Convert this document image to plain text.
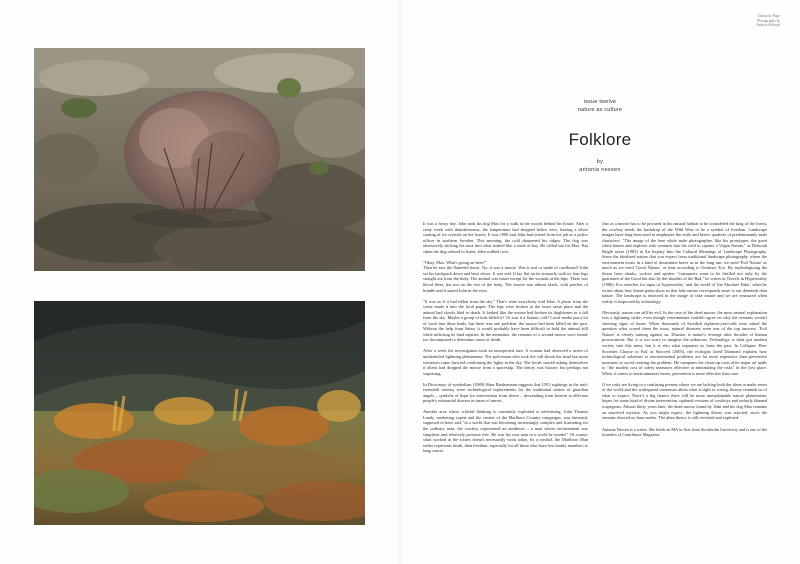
Glasscote Page
Photography by
Andrew Ackroyd
issue twelve
nature as culture
Folklore
by
antonia nessen

It was a frosty day. John took his dog Max for a walk in the woods behind his house. After a rainy week with thunderstorms, the temperature had dropped below zero, leaving a silver coating of ice crystals on the leaves. It was 1988 and John had retired from his job as a police officer in northern Sweden. This morning, the cold sharpened his ridges. The dog was obsessively sticking his nose into what looked like a stack of hay. He called out for Max. But when the dog refused to listen, John walked over.

"Okay, Max. What's going on here?"

Then he saw the flattened horse. No, it was a moose. Was it real or made of cardboard? John set his backpack down and bent closer. It was real. It lay flat on its stomach, with its four legs straight out from the body. The animal was intact except for the wounds at the hips. There was blood there, but not on the rest of the body. The moose was almost black, with patches of brindle and it stared John in the eyes.

"It was as if it had fallen from the sky." That's what everybody told John. A photo from the scene made it into the local paper. The legs were broken at the exact same place and the animal had slowly bled to death. It looked like the moose had broken its thighbones in a fall from the sky. Maybe a group of kids killed it? Or was it a Satanic cult? Local media put a lot of work into these leads, but there was one problem: the moose had been killed on the spot. Without the help from Satan, it would probably have been difficult to hold the animal still while inflicting its fatal injuries. In the meantime, the remains of a second moose were found, too decomposed to determine cause of death.

After a week the investigation took an unexpected turn. A woman had observed a series of unidentified lightning phenomena. The policeman who took the call shook his head but more witnesses came forward confirming the lights in the sky. The locals started asking themselves if aliens had dropped the moose from a spaceship. The theory was bizarre, but perhaps not surprising.

In Dictionary of symbolism (1989) Hans Biedermann suggests that UFO sightings in the mid-twentieth century were technological replacements for the traditional notion of guardian angels – symbols of hope for intervention from above – descending from heaven to alleviate people's existential distress in times of unrest.

Another area where wishful thinking is constantly exploited is advertising. John Thomas Landy, marketing expert and the creator of the Marlboro Country campaigns, was famously supposed to have said "in a world that was becoming increasingly complex and frustrating for the ordinary man, the cowboy represented an antithesis – a man whose environment was simplistic and relatively pressure free. He was his own man in a world he owned." Of course, what worked in the sixties doesn't necessarily work today. As a symbol, the Marlboro Man rather represents death, than freedom, especially for all those who have lost family members to lung cancer.

Just as a moose has to be pictured in his natural habitat to be considered the king of the forest, the cowboy needs the backdrop of the Wild West to be a symbol of freedom. Landscape images have long been used to emphasize the virile and heroic qualities of predominantly male characters. "The image of the lone white male photographer, like his prototypes, the great white hunter and explorer who ventures into the wild to capture a Virgin Nature," as Deborah Bright notes (1985) in An Inquiry Into the Cultural Meanings of Landscape Photography. Since the idealized nature that you expect from traditional landscape photography where the environment exists in a kind of dreamtime bores us in the long run, we need 'Evil Nature' as much as we need 'Good Nature,' at least according to Umberto Eco. By mythologizing the threat from sharks, wolves and spiders "consumers want to be thrilled not only by the guarantee of the Good but also by the shudder of the Bad," he writes in Travels in Hyperreality (1986). Eco searches for signs of 'hyperreality,' and the world of 'the Absolute Fake,' when he writes about how theme parks show us that fake nature corresponds more to our demands than nature. The landscape is mirrored in the image of fake nature and we are reassured when reality is improved by technology.

Obviously, nature can still be evil. In the case of the dead moose, the most natural explanation was a lightning strike, even though veterinarians couldn't agree on why the remains weren't showing signs of burns. When thousands of Swedish eighteen-year-olds were asked the question what scared them the most, natural disasters were one of the top answers. 'Evil Nature' is clearly turning against us. Disaster is nature's revenge after decades of human provocations. But it is too scary to imagine the unknown. Technology is what got modern society into this mess, but it is also what separates us from the past. In Collapse: How Societies Choose to Fail or Succeed (2005), the ecologist Jared Diamond explains how technological solutions to environmental problems are far more expensive than preventive measures to avoid creating the problem. He compares the clean-up costs after major oil spills to "the modest cost of safety measures effective at minimizing the risks" in the first place. When it comes to environmental issues, prevention is more effective than cure.

If we truly are living in a confusing present where we are lacking both the ideas to make sense of the world and the widespread consensus about what is right or wrong, history reminds us of what to expect. There's a big chance there will be more unexplainable nature phenomena; hopes for some kind of divine intervention, updated versions of cowboys and unfairly blamed scapegoats. Almost thirty years later, the dead moose found by John and his dog Max remains an unsolved mystery. As you might expect, the lightning theory was rejected, since the remains showed no burn marks. The alien theory is still revisited and explored.

Antonia Nessen is a writer. She holds an MA in Arts from Stockholm University and is one of the founders of Contributor Magazine.
